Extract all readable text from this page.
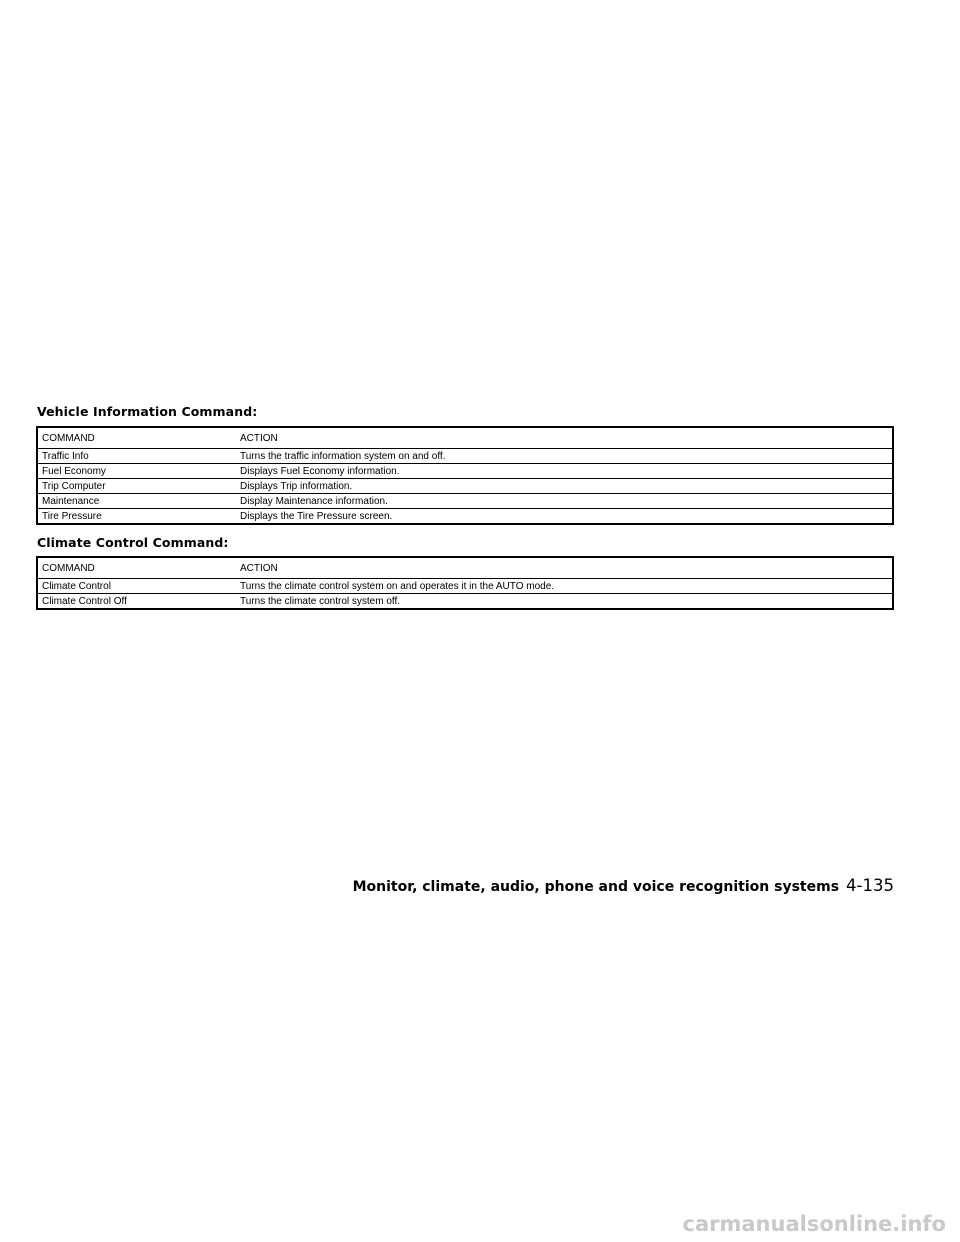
Vehicle Information Command:
COMMAND	ACTION
Traffic Info	Turns the traffic information system on and off.
Fuel Economy	Displays Fuel Economy information.
Trip Computer	Displays Trip information.
Maintenance	Display Maintenance information.
Tire Pressure	Displays the Tire Pressure screen.
Climate Control Command:
COMMAND	ACTION
Climate Control	Turns the climate control system on and operates it in the AUTO mode.
Climate Control Off	Turns the climate control system off.
Monitor, climate, audio, phone and voice recognition systems 4-135
carmanualsonline.info
